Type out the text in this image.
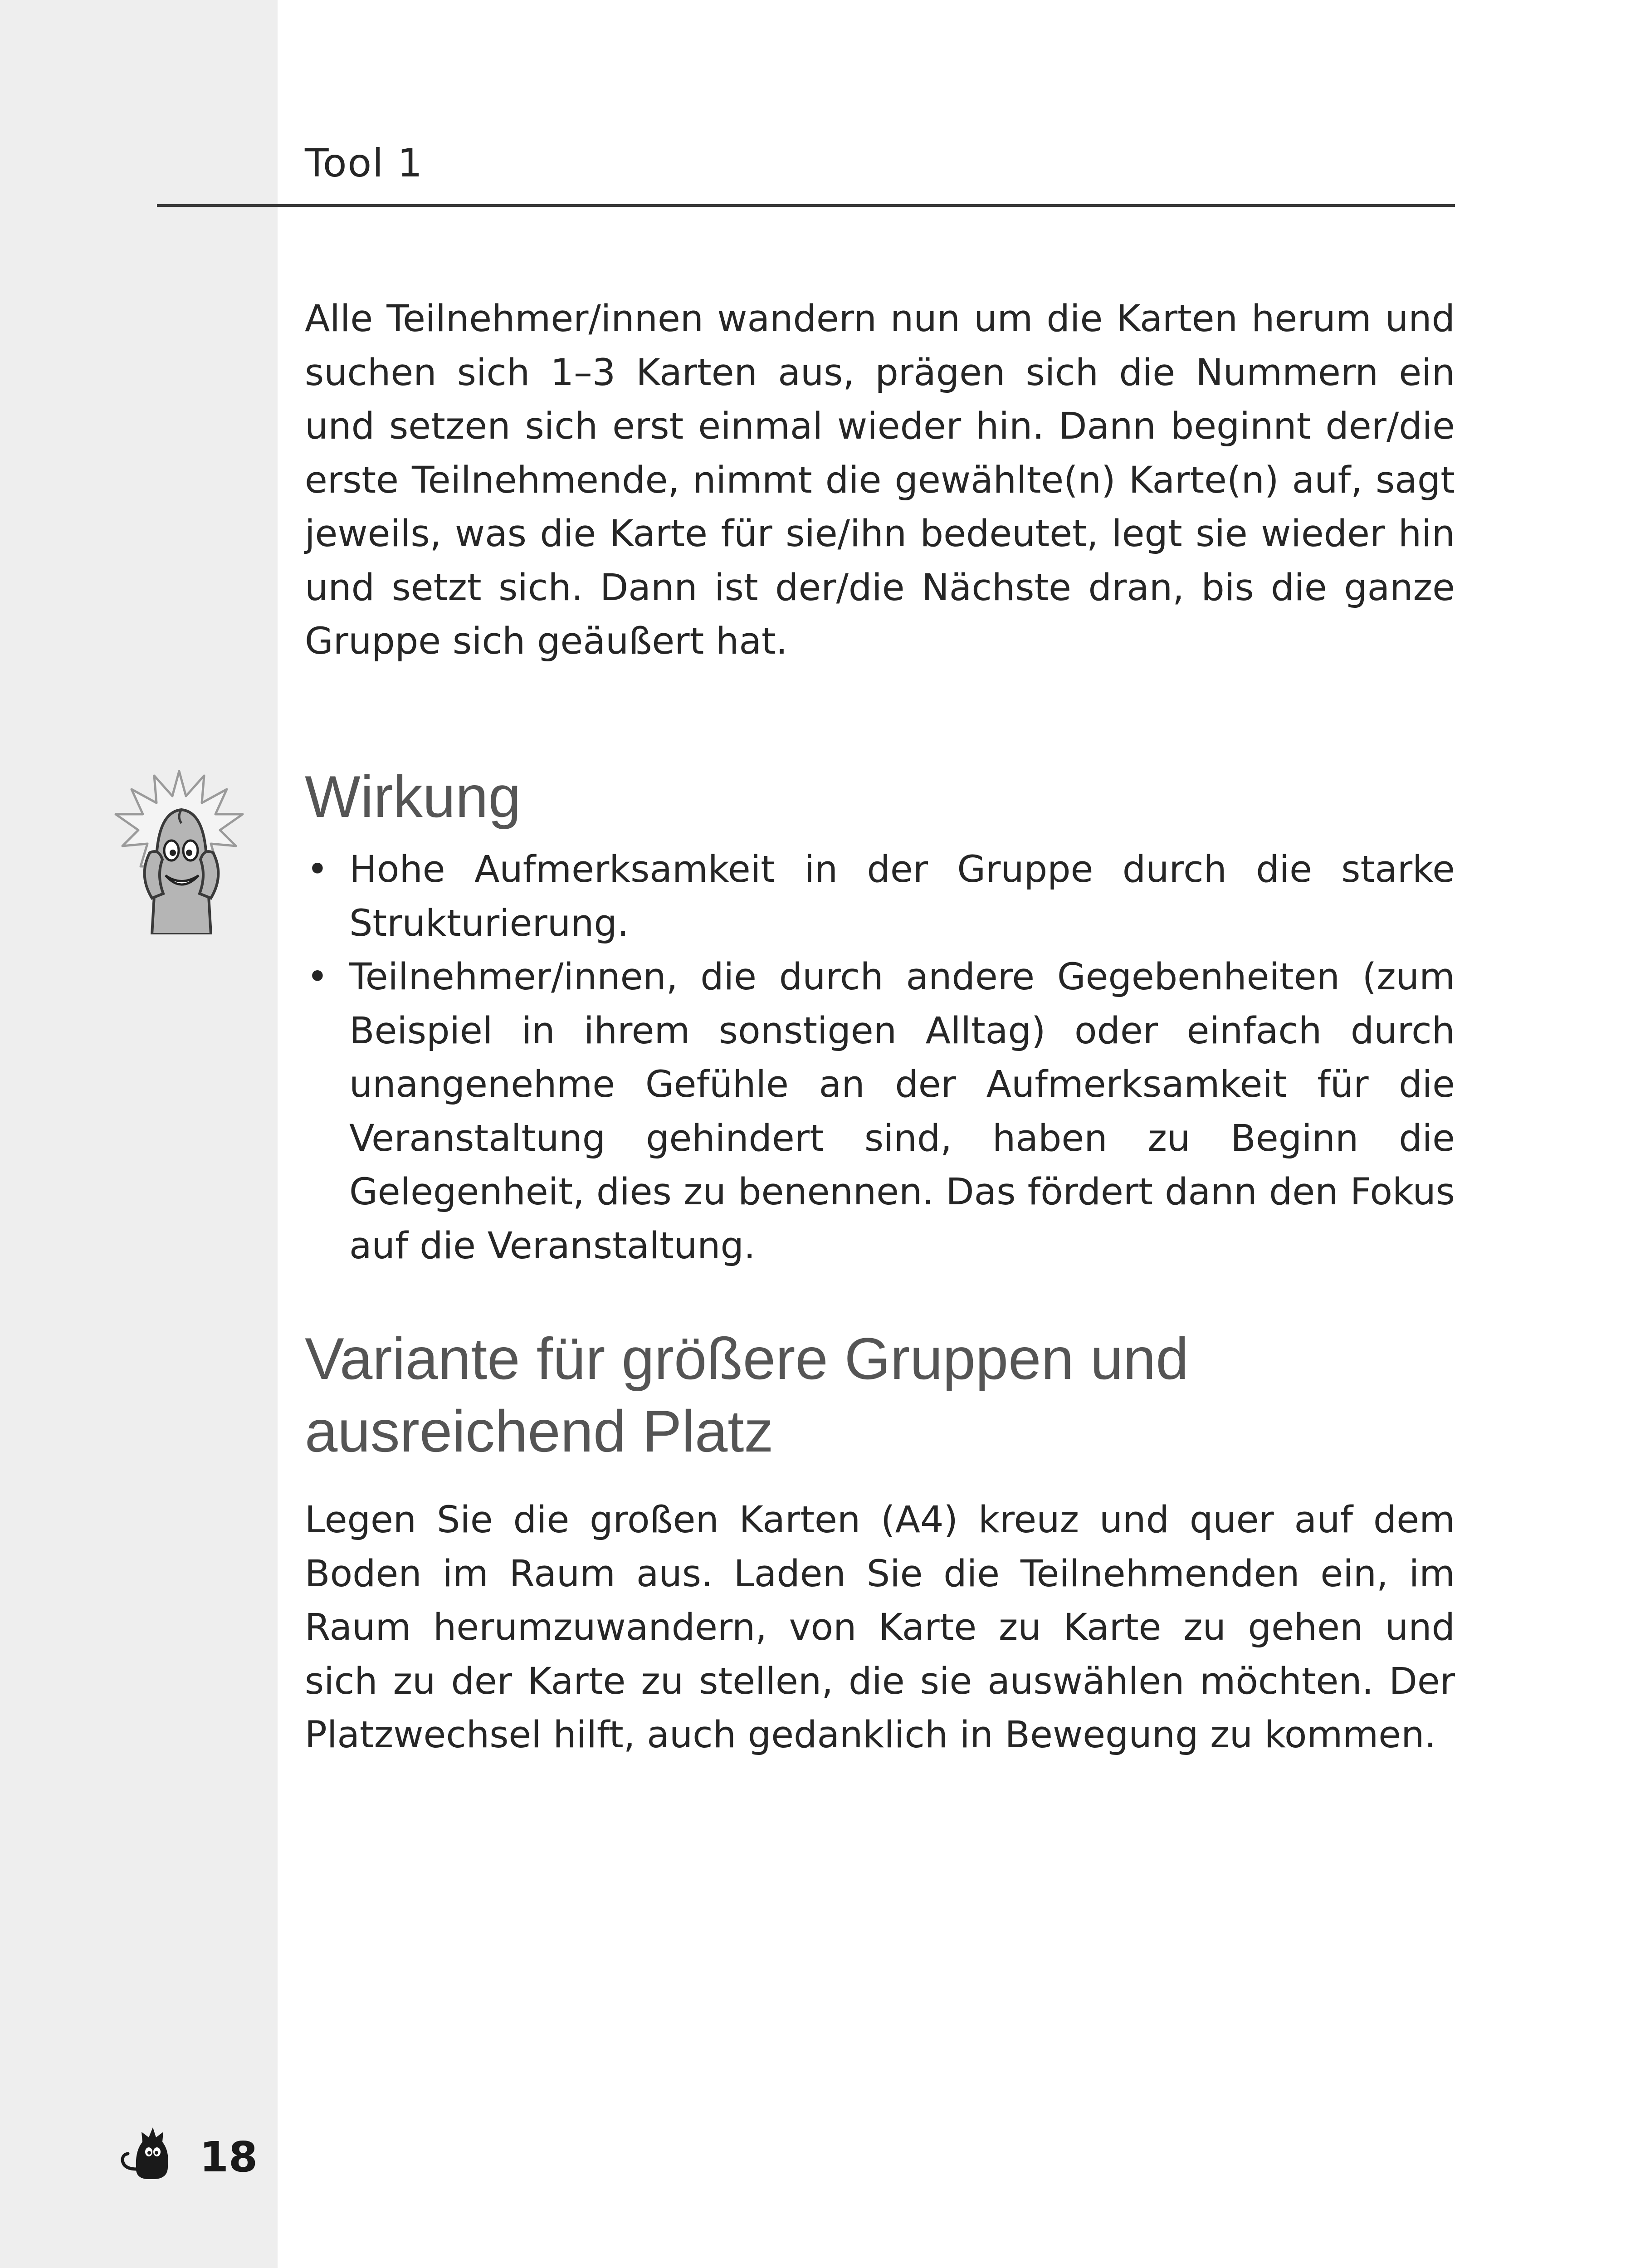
Tool 1

Alle Teilnehmer/innen wandern nun um die Karten herum und suchen sich 1–3 Karten aus, prägen sich die Nummern ein und setzen sich erst einmal wieder hin. Dann beginnt der/die erste Teilnehmende, nimmt die gewählte(n) Karte(n) auf, sagt jeweils, was die Karte für sie/ihn bedeutet, legt sie wieder hin und setzt sich. Dann ist der/die Nächste dran, bis die ganze Gruppe sich geäußert hat.

Wirkung
• Hohe Aufmerksamkeit in der Gruppe durch die starke Strukturierung.
• Teilnehmer/innen, die durch andere Gegebenheiten (zum Beispiel in ihrem sonstigen Alltag) oder einfach durch unangenehme Gefühle an der Aufmerksamkeit für die Veranstaltung gehindert sind, haben zu Beginn die Gelegenheit, dies zu benennen. Das fördert dann den Fokus auf die Veranstaltung.
Variante für größere Gruppen und ausreichend Platz

Legen Sie die großen Karten (A4) kreuz und quer auf dem Boden im Raum aus. Laden Sie die Teilnehmenden ein, im Raum herumzuwandern, von Karte zu Karte zu gehen und sich zu der Karte zu stellen, die sie auswählen möchten. Der Platzwechsel hilft, auch gedanklich in Bewegung zu kommen.

18
